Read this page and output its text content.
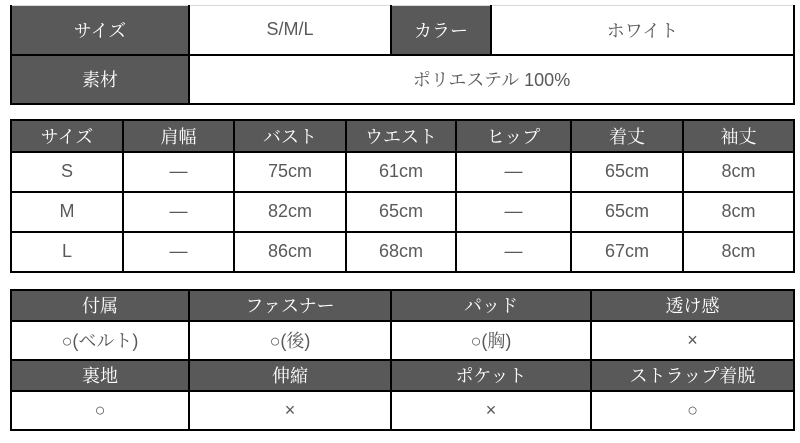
サイズ	S/M/L	カラー	ホワイト
素材	ポリエステル 100%		
サイズ	肩幅	バスト	ウエスト	ヒップ	着丈	袖丈
S	—	75cm	61cm	—	65cm	8cm
M	—	82cm	65cm	—	65cm	8cm
L	—	86cm	68cm	—	67cm	8cm
付属	ファスナー	パッド	透け感
○(ベルト)	○(後)	○(胸)	×
裏地	伸縮	ポケット	ストラップ着脱
○	×	×	○
